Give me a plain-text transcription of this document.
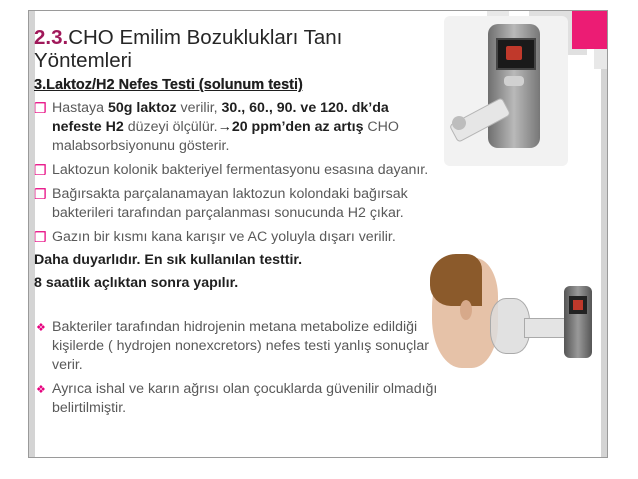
2.3.CHO Emilim Bozuklukları Tanı
Yöntemleri
3.Laktoz/H2 Nefes Testi (solunum testi)
❒ Hastaya 50g laktoz verilir, 30., 60., 90. ve 120. dk’da
nefeste H2 düzeyi ölçülür.→20 ppm’den az artış CHO
malabsorbsiyonunu gösterir.
❒ Laktozun kolonik bakteriyel fermentasyonu esasına dayanır.
❒ Bağırsakta parçalanamayan laktozun kolondaki bağırsak
bakterileri tarafından parçalanması sonucunda H2 çıkar.
❒ Gazın bir kısmı kana karışır ve AC yoluyla dışarı verilir.
Daha duyarlıdır. En sık kullanılan testtir.
8 saatlik açlıktan sonra yapılır.
❖ Bakteriler tarafından hidrojenin metana metabolize edildiği
kişilerde ( hydrojen nonexcretors) nefes testi yanlış sonuçlar
verir.
❖ Ayrıca ishal ve karın ağrısı olan çocuklarda güvenilir olmadığı
belirtilmiştir.
